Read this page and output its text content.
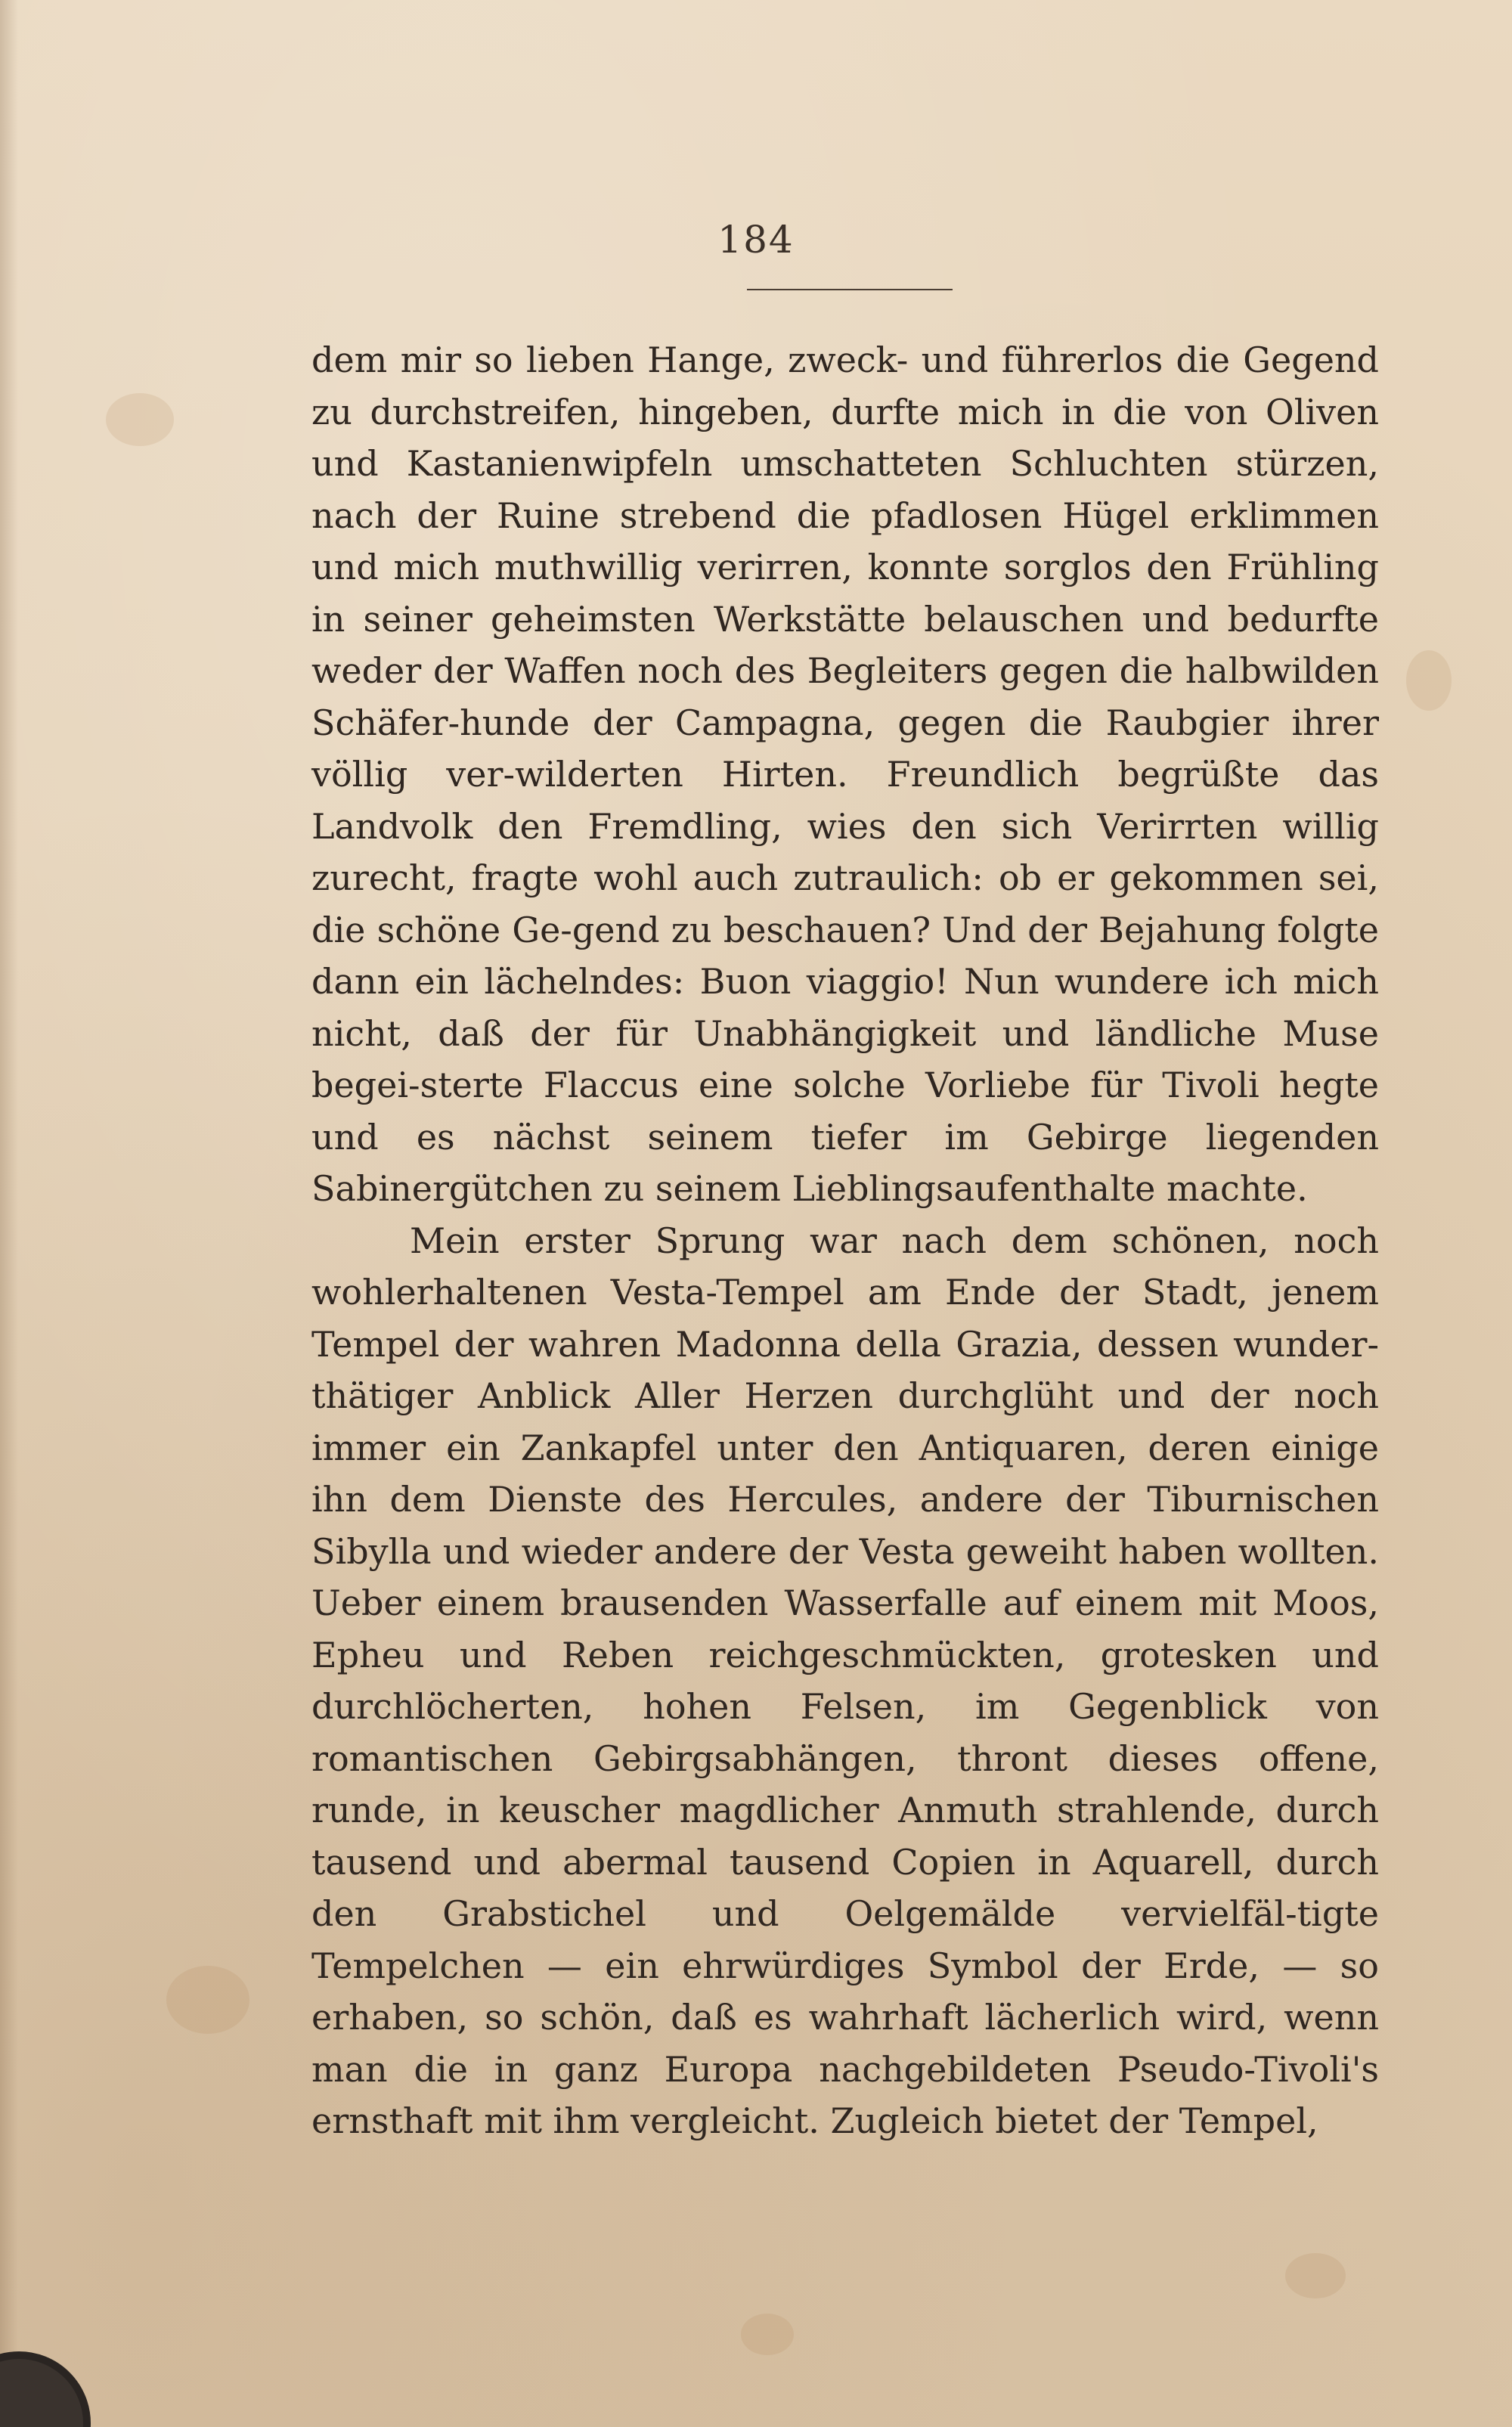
184

dem mir so lieben Hange, zweck- und führerlos die Gegend zu durchstreifen, hingeben, durfte mich in die von Oliven und Kastanienwipfeln umschatteten Schluchten stürzen, nach der Ruine strebend die pfadlosen Hügel erklimmen und mich muthwillig verirren, konnte sorglos den Frühling in seiner geheimsten Werkstätte belauschen und bedurfte weder der Waffen noch des Begleiters gegen die halbwilden Schäfer-hunde der Campagna, gegen die Raubgier ihrer völlig ver-wilderten Hirten. Freundlich begrüßte das Landvolk den Fremdling, wies den sich Verirrten willig zurecht, fragte wohl auch zutraulich: ob er gekommen sei, die schöne Ge-gend zu beschauen? Und der Bejahung folgte dann ein lächelndes: Buon viaggio! Nun wundere ich mich nicht, daß der für Unabhängigkeit und ländliche Muse begei-sterte Flaccus eine solche Vorliebe für Tivoli hegte und es nächst seinem tiefer im Gebirge liegenden Sabinergütchen zu seinem Lieblingsaufenthalte machte.

Mein erster Sprung war nach dem schönen, noch wohlerhaltenen Vesta-Tempel am Ende der Stadt, jenem Tempel der wahren Madonna della Grazia, dessen wunder-thätiger Anblick Aller Herzen durchglüht und der noch immer ein Zankapfel unter den Antiquaren, deren einige ihn dem Dienste des Hercules, andere der Tiburnischen Sibylla und wieder andere der Vesta geweiht haben wollten. Ueber einem brausenden Wasserfalle auf einem mit Moos, Epheu und Reben reichgeschmückten, grotesken und durchlöcherten, hohen Felsen, im Gegenblick von romantischen Gebirgsabhängen, thront dieses offene, runde, in keuscher magdlicher Anmuth strahlende, durch tausend und abermal tausend Copien in Aquarell, durch den Grabstichel und Oelgemälde vervielfäl-tigte Tempelchen — ein ehrwürdiges Symbol der Erde, — so erhaben, so schön, daß es wahrhaft lächerlich wird, wenn man die in ganz Europa nachgebildeten Pseudo-Tivoli's ernsthaft mit ihm vergleicht. Zugleich bietet der Tempel,
